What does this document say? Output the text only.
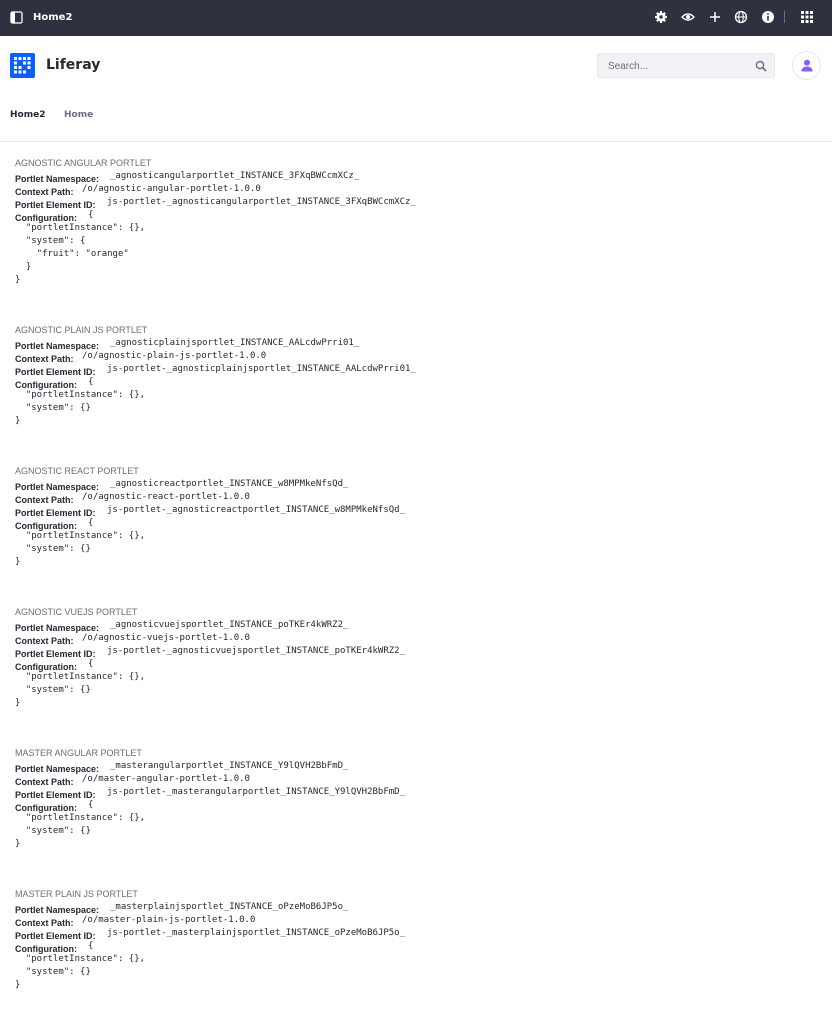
Home2
Liferay
Search...
Home2 Home
AGNOSTIC ANGULAR PORTLET
Portlet Namespace: _agnosticangularportlet_INSTANCE_3FXqBWCcmXCz_
Context Path: /o/agnostic-angular-portlet-1.0.0
Portlet Element ID: js-portlet-_agnosticangularportlet_INSTANCE_3FXqBWCcmXCz_
Configuration: {
"portletInstance": {},
"system": {
"fruit": "orange"
}
}
AGNOSTIC PLAIN JS PORTLET
Portlet Namespace: _agnosticplainjsportlet_INSTANCE_AALcdwPrri01_
Context Path: /o/agnostic-plain-js-portlet-1.0.0
Portlet Element ID: js-portlet-_agnosticplainjsportlet_INSTANCE_AALcdwPrri01_
Configuration: {
"portletInstance": {},
"system": {}
}
AGNOSTIC REACT PORTLET
Portlet Namespace: _agnosticreactportlet_INSTANCE_w8MPMkeNfsQd_
Context Path: /o/agnostic-react-portlet-1.0.0
Portlet Element ID: js-portlet-_agnosticreactportlet_INSTANCE_w8MPMkeNfsQd_
Configuration: {
"portletInstance": {},
"system": {}
}
AGNOSTIC VUEJS PORTLET
Portlet Namespace: _agnosticvuejsportlet_INSTANCE_poTKEr4kWRZ2_
Context Path: /o/agnostic-vuejs-portlet-1.0.0
Portlet Element ID: js-portlet-_agnosticvuejsportlet_INSTANCE_poTKEr4kWRZ2_
Configuration: {
"portletInstance": {},
"system": {}
}
MASTER ANGULAR PORTLET
Portlet Namespace: _masterangularportlet_INSTANCE_Y9lQVH2BbFmD_
Context Path: /o/master-angular-portlet-1.0.0
Portlet Element ID: js-portlet-_masterangularportlet_INSTANCE_Y9lQVH2BbFmD_
Configuration: {
"portletInstance": {},
"system": {}
}
MASTER PLAIN JS PORTLET
Portlet Namespace: _masterplainjsportlet_INSTANCE_oPzeMoB6JP5o_
Context Path: /o/master-plain-js-portlet-1.0.0
Portlet Element ID: js-portlet-_masterplainjsportlet_INSTANCE_oPzeMoB6JP5o_
Configuration: {
"portletInstance": {},
"system": {}
}
